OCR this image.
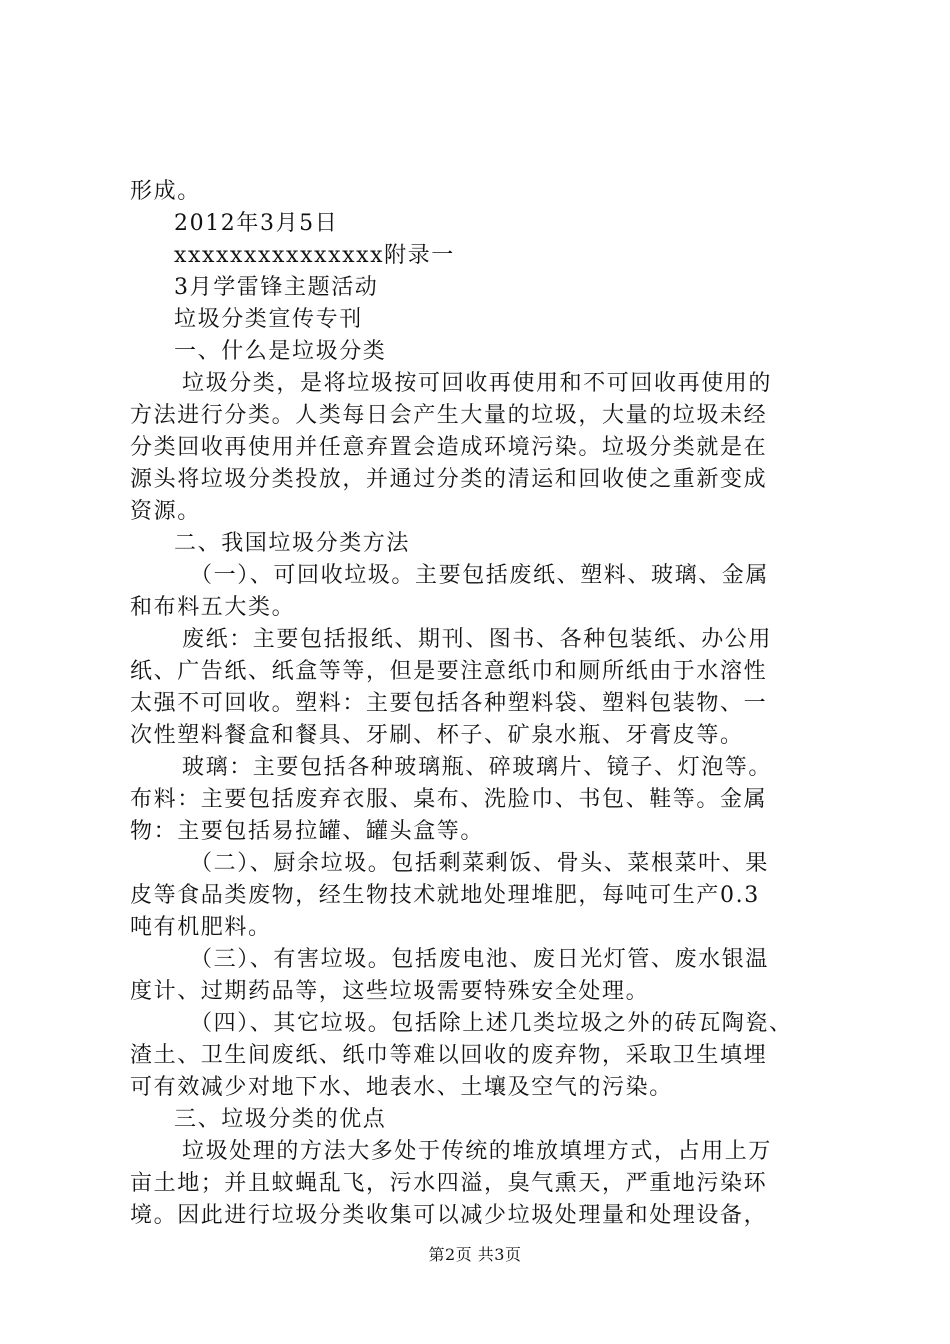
形成。
2012年3月5日
xxxxxxxxxxxxxxx附录一
3月学雷锋主题活动
垃圾分类宣传专刊
一、什么是垃圾分类
垃圾分类，是将垃圾按可回收再使用和不可回收再使用的
方法进行分类。人类每日会产生大量的垃圾，大量的垃圾未经
分类回收再使用并任意弃置会造成环境污染。垃圾分类就是在
源头将垃圾分类投放，并通过分类的清运和回收使之重新变成
资源。
二、我国垃圾分类方法
（一）、可回收垃圾。主要包括废纸、塑料、玻璃、金属
和布料五大类。
废纸：主要包括报纸、期刊、图书、各种包装纸、办公用
纸、广告纸、纸盒等等，但是要注意纸巾和厕所纸由于水溶性
太强不可回收。塑料：主要包括各种塑料袋、塑料包装物、一
次性塑料餐盒和餐具、牙刷、杯子、矿泉水瓶、牙膏皮等。
玻璃：主要包括各种玻璃瓶、碎玻璃片、镜子、灯泡等。
布料：主要包括废弃衣服、桌布、洗脸巾、书包、鞋等。金属
物：主要包括易拉罐、罐头盒等。
（二）、厨余垃圾。包括剩菜剩饭、骨头、菜根菜叶、果
皮等食品类废物，经生物技术就地处理堆肥，每吨可生产0.3
吨有机肥料。
（三）、有害垃圾。包括废电池、废日光灯管、废水银温
度计、过期药品等，这些垃圾需要特殊安全处理。
（四）、其它垃圾。包括除上述几类垃圾之外的砖瓦陶瓷、
渣土、卫生间废纸、纸巾等难以回收的废弃物，采取卫生填埋
可有效减少对地下水、地表水、土壤及空气的污染。
三、垃圾分类的优点
垃圾处理的方法大多处于传统的堆放填埋方式，占用上万
亩土地；并且蚊蝇乱飞，污水四溢，臭气熏天，严重地污染环
境。因此进行垃圾分类收集可以减少垃圾处理量和处理设备，
第2页 共3页
